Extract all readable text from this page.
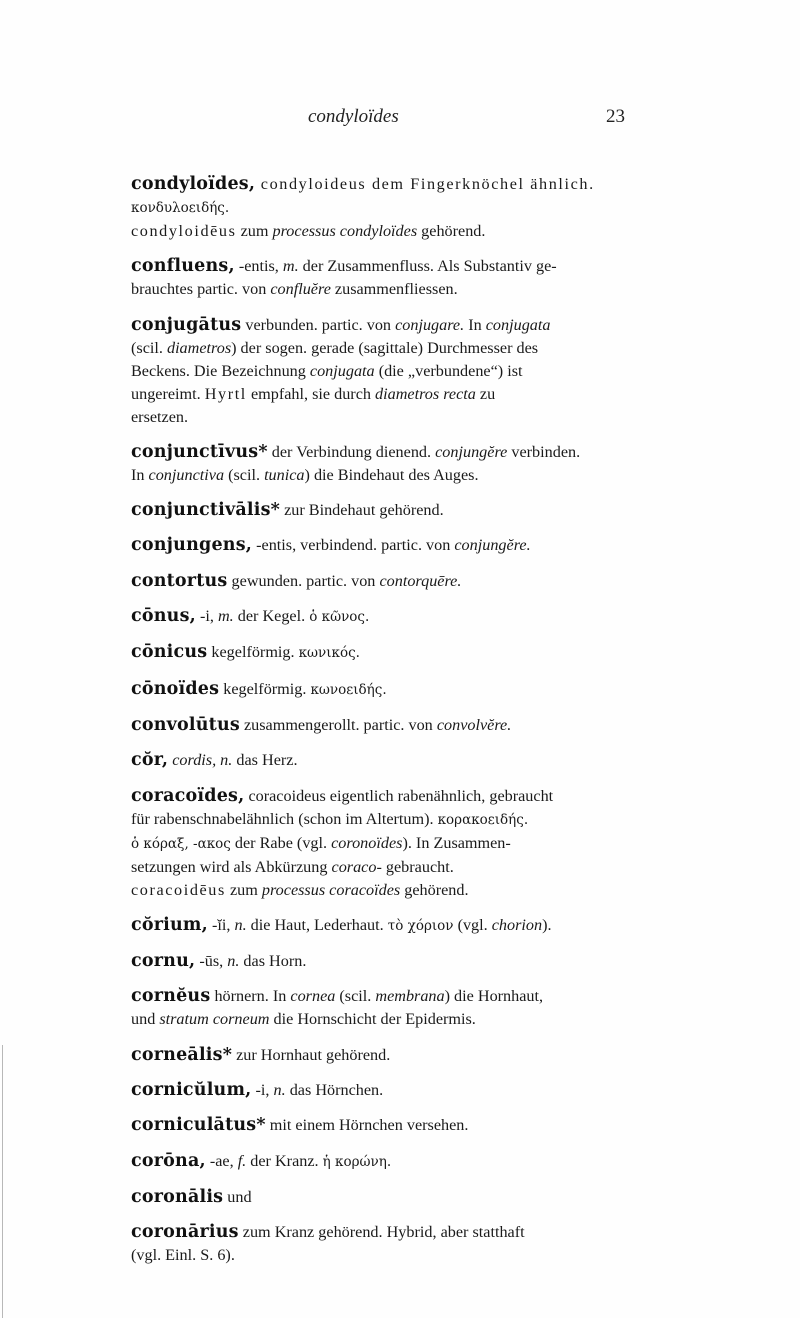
condyloïdes	23
condyloïdes, condyloideus dem Fingerknöchel ähnlich.
κονδυλοειδής.
condyloidēus zum processus condyloïdes gehörend.
confluens, -entis, m. der Zusammenfluss. Als Substantiv ge-
brauchtes partic. von confluĕre zusammenfliessen.
conjugātus verbunden. partic. von conjugare. In conjugata
(scil. diametros) der sogen. gerade (sagittale) Durchmesser des
Beckens. Die Bezeichnung conjugata (die „verbundene“) ist
ungereimt. Hyrtl empfahl, sie durch diametros recta zu
ersetzen.
conjunctīvus* der Verbindung dienend. conjungĕre verbinden.
In conjunctiva (scil. tunica) die Bindehaut des Auges.
conjunctivālis* zur Bindehaut gehörend.
conjungens, -entis, verbindend. partic. von conjungĕre.
contortus gewunden. partic. von contorquēre.
cōnus, -i, m. der Kegel. ὁ κῶνος.
cōnicus kegelförmig. κωνικός.
cōnoïdes kegelförmig. κωνοειδής.
convolūtus zusammengerollt. partic. von convolvĕre.
cŏr, cordis, n. das Herz.
coracoïdes, coracoideus eigentlich rabenähnlich, gebraucht
für rabenschnabelähnlich (schon im Altertum). κορακοειδής.
ὁ κόραξ, -ακος der Rabe (vgl. coronoïdes). In Zusammen-
setzungen wird als Abkürzung coraco- gebraucht.
coracoidēus zum processus coracoïdes gehörend.
cŏrium, -ĭi, n. die Haut, Lederhaut. τὸ χόριον (vgl. chorion).
cornu, -ūs, n. das Horn.
cornĕus hörnern. In cornea (scil. membrana) die Hornhaut,
und stratum corneum die Hornschicht der Epidermis.
corneālis* zur Hornhaut gehörend.
cornicŭlum, -i, n. das Hörnchen.
corniculātus* mit einem Hörnchen versehen.
corōna, -ae, f. der Kranz. ἡ κορώνη.
coronālis und
coronārius zum Kranz gehörend. Hybrid, aber statthaft
(vgl. Einl. S. 6).
